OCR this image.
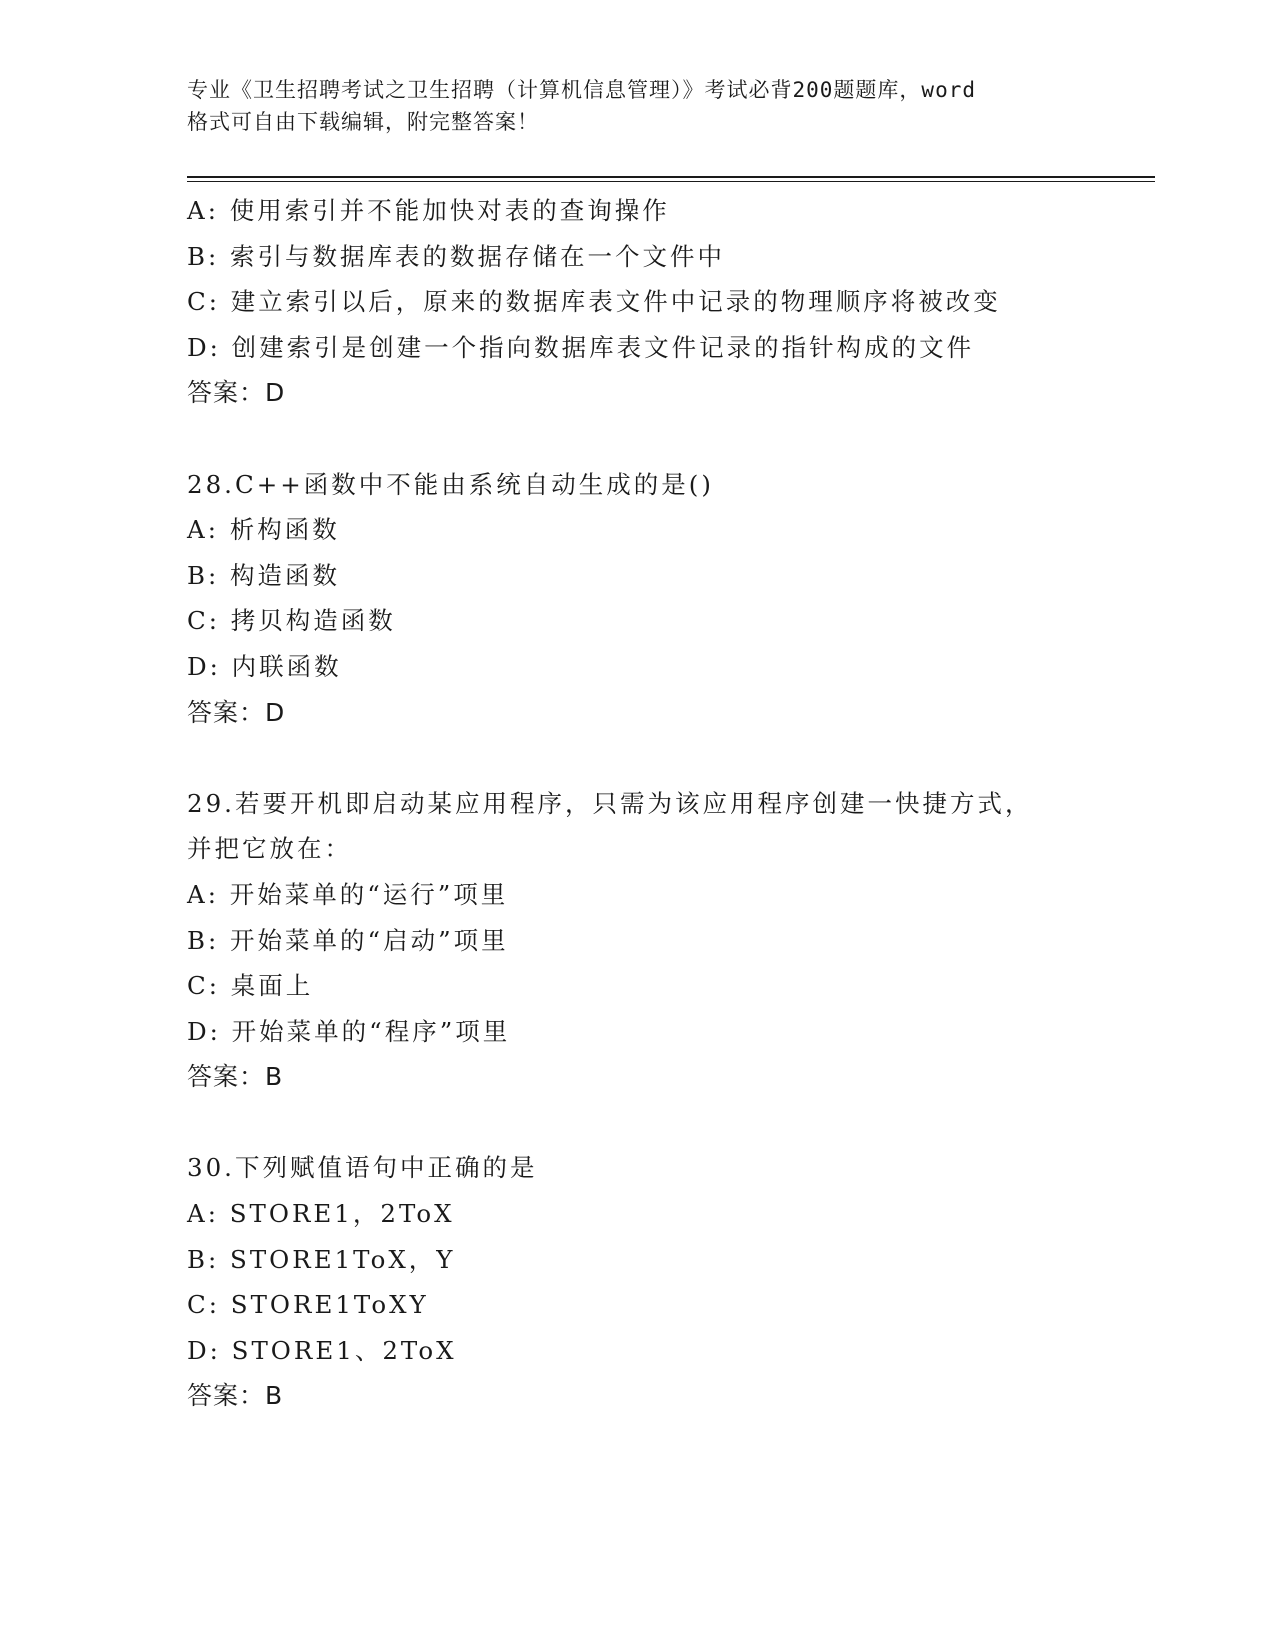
专业《卫生招聘考试之卫生招聘（计算机信息管理）》考试必背200题题库，word
格式可自由下载编辑，附完整答案！
A: 使用索引并不能加快对表的查询操作
B: 索引与数据库表的数据存储在一个文件中
C: 建立索引以后，原来的数据库表文件中记录的物理顺序将被改变
D: 创建索引是创建一个指向数据库表文件记录的指针构成的文件
答案：D
28.C++函数中不能由系统自动生成的是()
A: 析构函数
B: 构造函数
C: 拷贝构造函数
D: 内联函数
答案：D
29.若要开机即启动某应用程序，只需为该应用程序创建一快捷方式，
并把它放在：
A: 开始菜单的“运行”项里
B: 开始菜单的“启动”项里
C: 桌面上
D: 开始菜单的“程序”项里
答案：B
30.下列赋值语句中正确的是
A: STORE1，2ToX
B: STORE1ToX，Y
C: STORE1ToXY
D: STORE1、2ToX
答案：B
